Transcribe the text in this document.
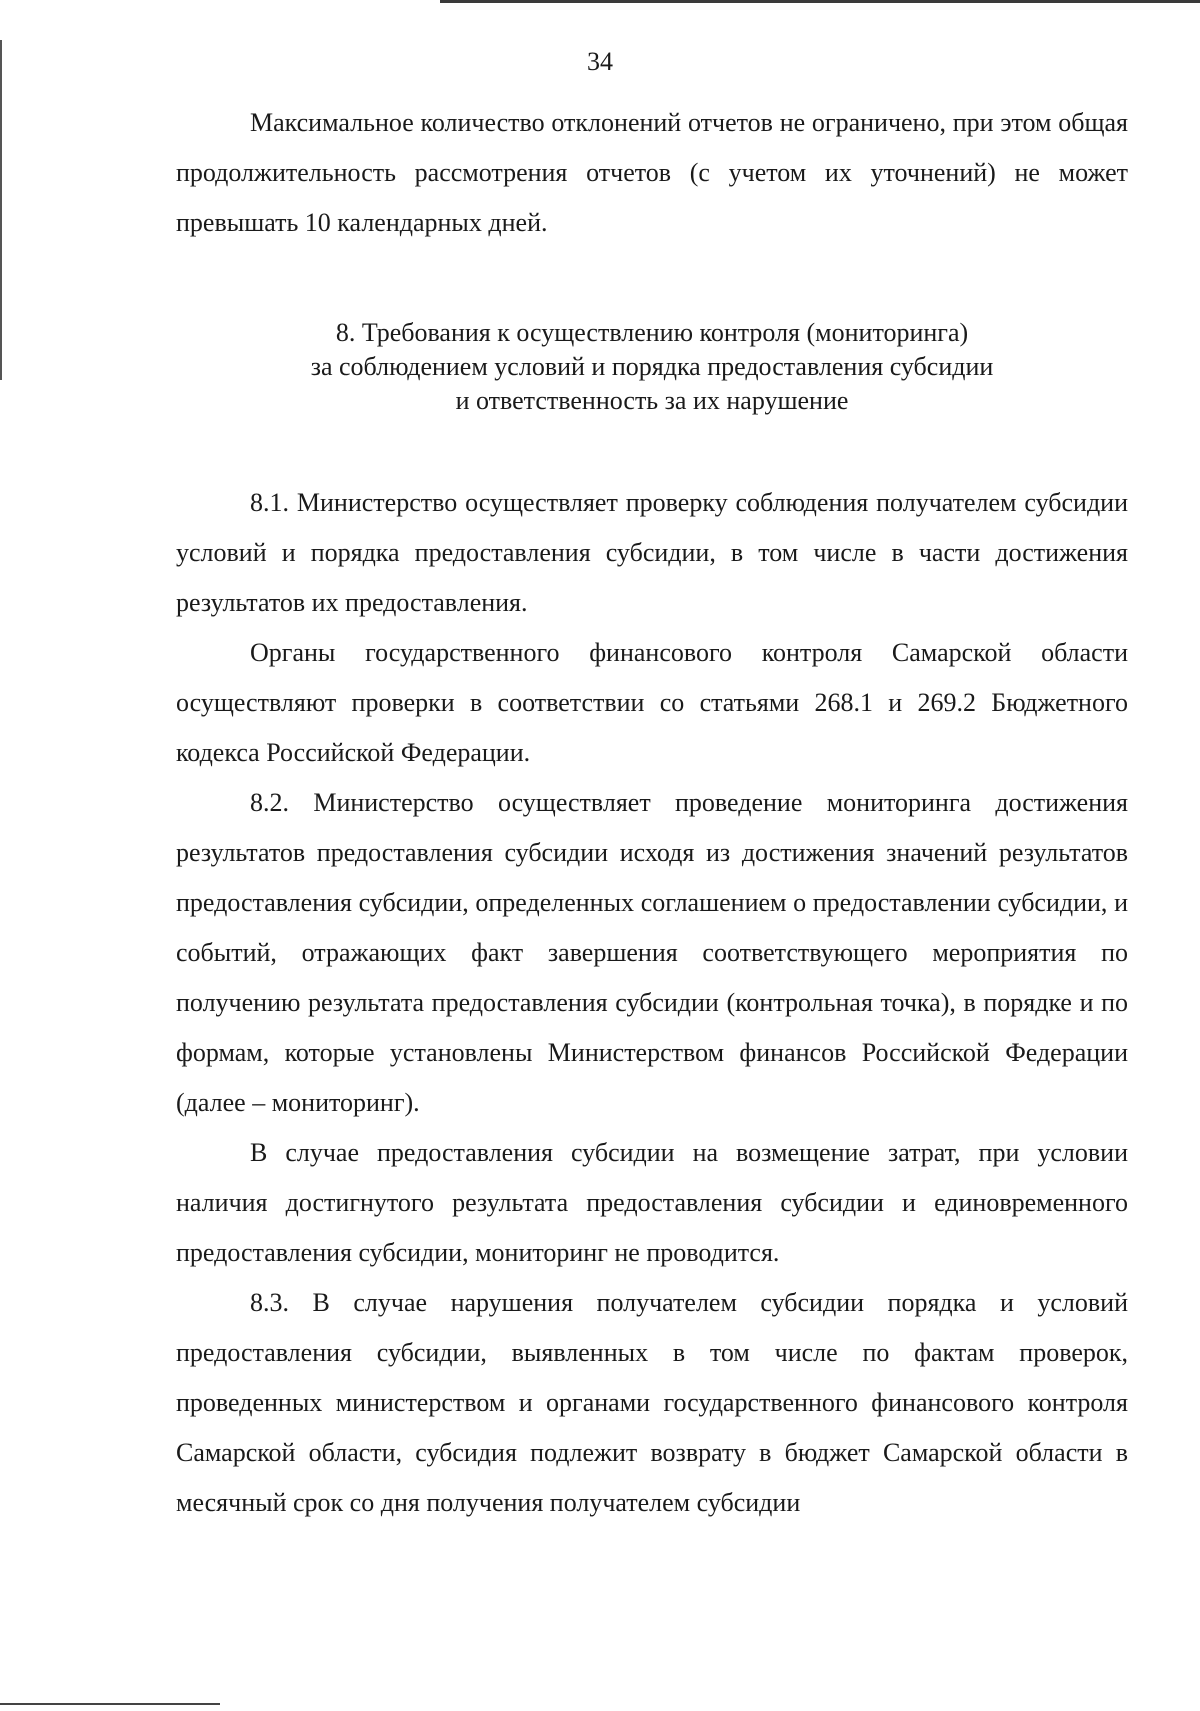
34

Максимальное количество отклонений отчетов не ограничено, при этом общая продолжительность рассмотрения отчетов (с учетом их уточнений) не может превышать 10 календарных дней.

8. Требования к осуществлению контроля (мониторинга)
за соблюдением условий и порядка предоставления субсидии
и ответственность за их нарушение

8.1. Министерство осуществляет проверку соблюдения получателем субсидии условий и порядка предоставления субсидии, в том числе в части достижения результатов их предоставления.

Органы государственного финансового контроля Самарской области осуществляют проверки в соответствии со статьями 268.1 и 269.2 Бюджетного кодекса Российской Федерации.

8.2. Министерство осуществляет проведение мониторинга достижения результатов предоставления субсидии исходя из достижения значений результатов предоставления субсидии, определенных соглашением о предоставлении субсидии, и событий, отражающих факт завершения соответствующего мероприятия по получению результата предоставления субсидии (контрольная точка), в порядке и по формам, которые установлены Министерством финансов Российской Федерации (далее – мониторинг).

В случае предоставления субсидии на возмещение затрат, при условии наличия достигнутого результата предоставления субсидии и единовременного предоставления субсидии, мониторинг не проводится.

8.3. В случае нарушения получателем субсидии порядка и условий предоставления субсидии, выявленных в том числе по фактам проверок, проведенных министерством и органами государственного финансового контроля Самарской области, субсидия подлежит возврату в бюджет Самарской области в месячный срок со дня получения получателем субсидии
